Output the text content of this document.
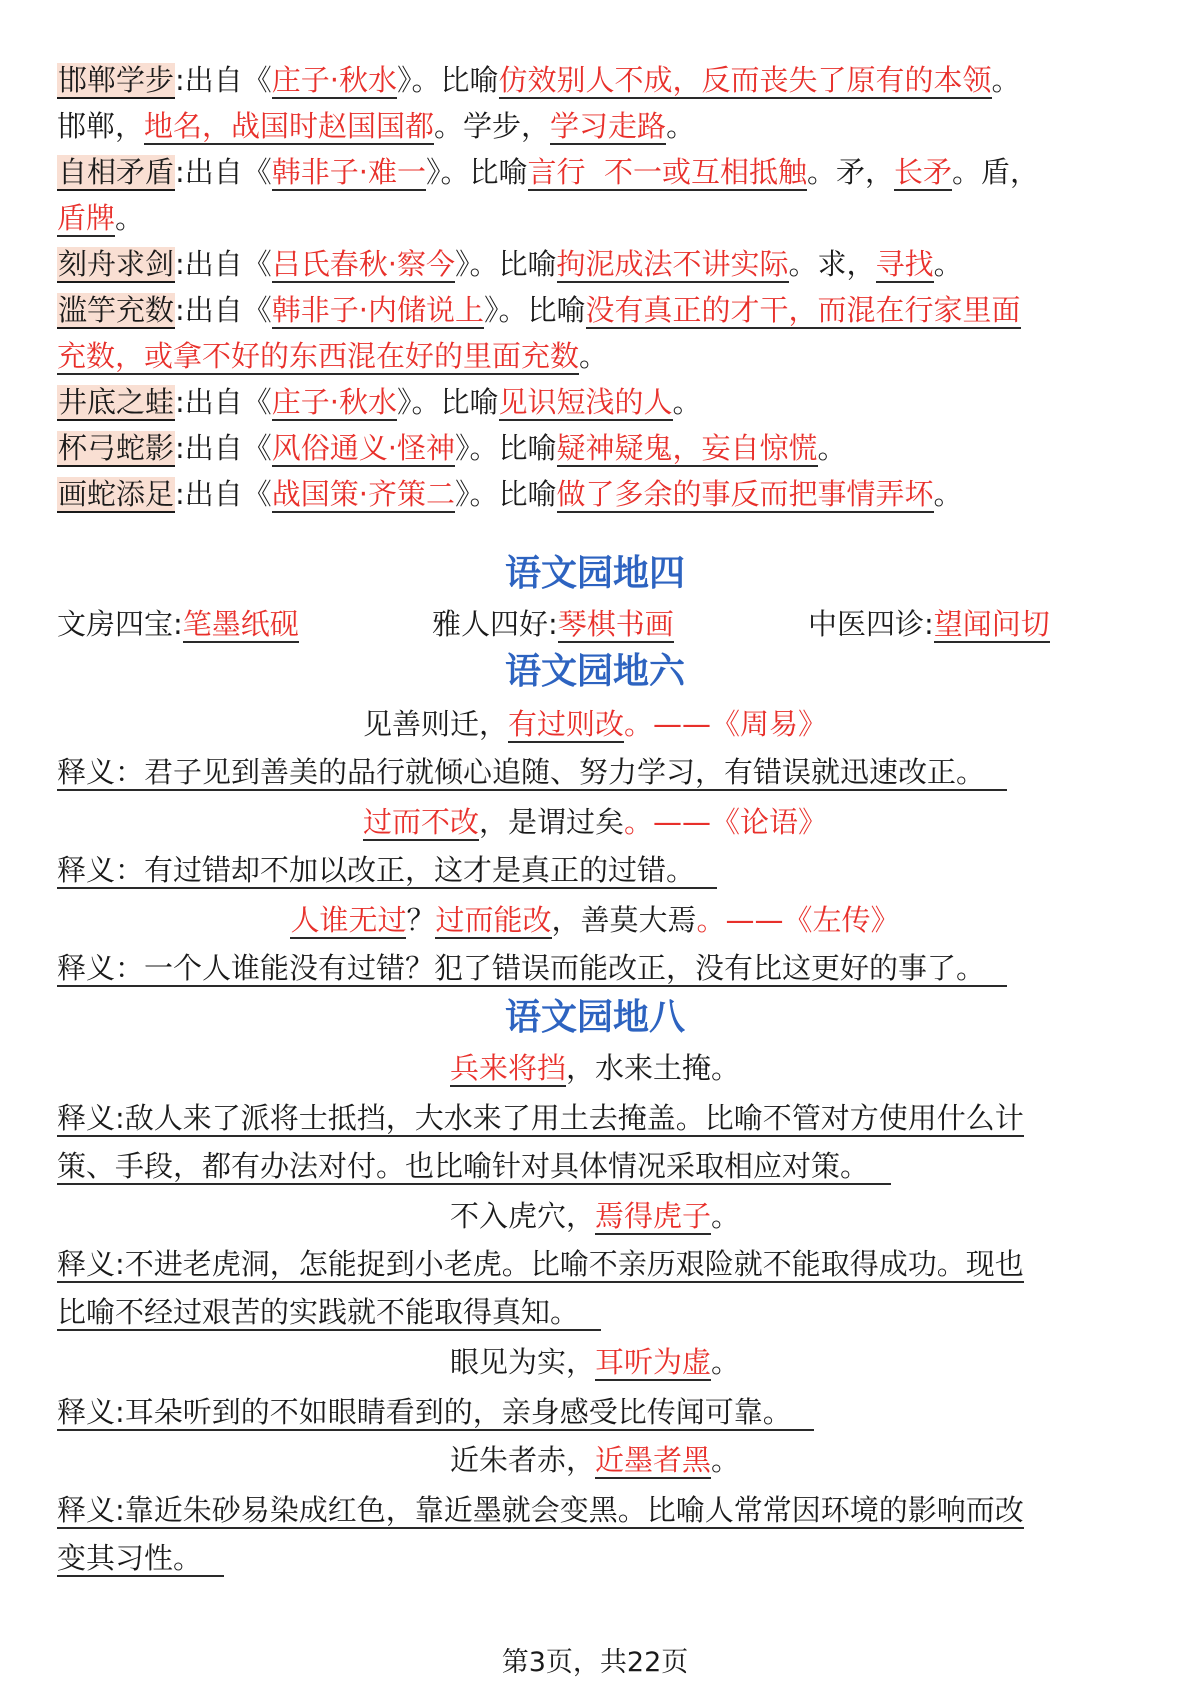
邯郸学步:出自《庄子·秋水》。比喻仿效别人不成，反而丧失了原有的本领。
邯郸，地名，战国时赵国国都。学步，学习走路。
自相矛盾:出自《韩非子·难一》。比喻言行  不一或互相抵触。矛，长矛。盾，
盾牌。
刻舟求剑:出自《吕氏春秋·察今》。比喻拘泥成法不讲实际。求，寻找。
滥竽充数:出自《韩非子·内储说上》。比喻没有真正的才干，而混在行家里面
充数，或拿不好的东西混在好的里面充数。
井底之蛙:出自《庄子·秋水》。比喻见识短浅的人。
杯弓蛇影:出自《风俗通义·怪神》。比喻疑神疑鬼，妄自惊慌。
画蛇添足:出自《战国策·齐策二》。比喻做了多余的事反而把事情弄坏。
语文园地四
文房四宝:笔墨纸砚	雅人四好:琴棋书画	中医四诊:望闻问切
语文园地六
见善则迁，有过则改。——《周易》
释义：君子见到善美的品行就倾心追随、努力学习，有错误就迅速改正。
过而不改，是谓过矣。——《论语》
释义：有过错却不加以改正，这才是真正的过错。
人谁无过？过而能改，善莫大焉。——《左传》
释义：一个人谁能没有过错？犯了错误而能改正，没有比这更好的事了。
语文园地八
兵来将挡，水来土掩。
释义:敌人来了派将士抵挡，大水来了用土去掩盖。比喻不管对方使用什么计
策、手段，都有办法对付。也比喻针对具体情况采取相应对策。
不入虎穴，焉得虎子。
释义:不进老虎洞，怎能捉到小老虎。比喻不亲历艰险就不能取得成功。现也
比喻不经过艰苦的实践就不能取得真知。
眼见为实，耳听为虚。
释义:耳朵听到的不如眼睛看到的，亲身感受比传闻可靠。
近朱者赤，近墨者黑。
释义:靠近朱砂易染成红色，靠近墨就会变黑。比喻人常常因环境的影响而改
变其习性。
第3页，共22页
